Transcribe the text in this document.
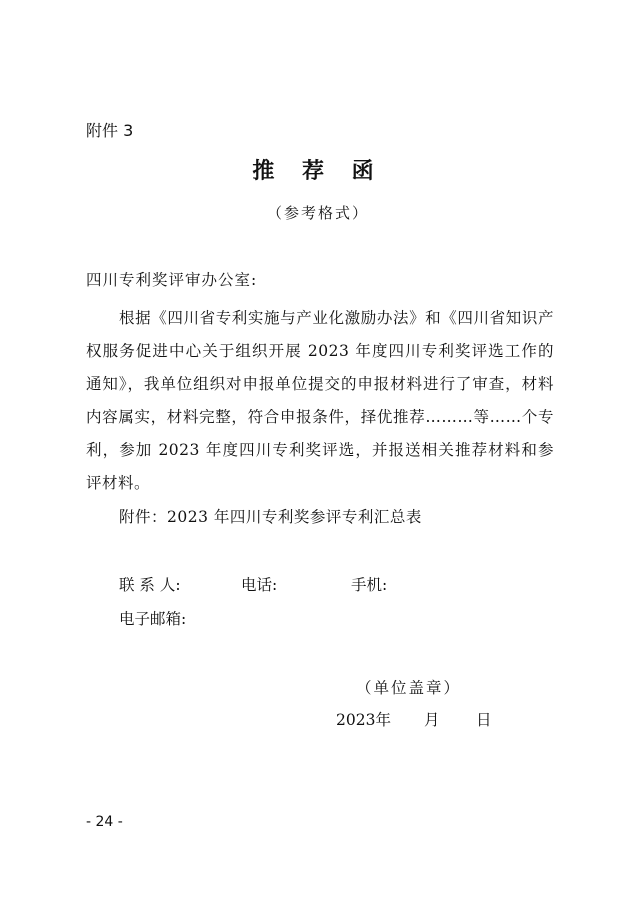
附件 3
推 荐 函
（参考格式）
四川专利奖评审办公室:
根据《四川省专利实施与产业化激励办法》和《四川省知识产权服务促进中心关于组织开展 2023 年度四川专利奖评选工作的通知》，我单位组织对申报单位提交的申报材料进行了审查，材料内容属实，材料完整，符合申报条件，择优推荐………等……个专利，参加 2023 年度四川专利奖评选，并报送相关推荐材料和参评材料。
附件：2023 年四川专利奖参评专利汇总表
联 系 人:	电话:	手机:
电子邮箱:
（单位盖章）
2023年 月 日
- 24 -
